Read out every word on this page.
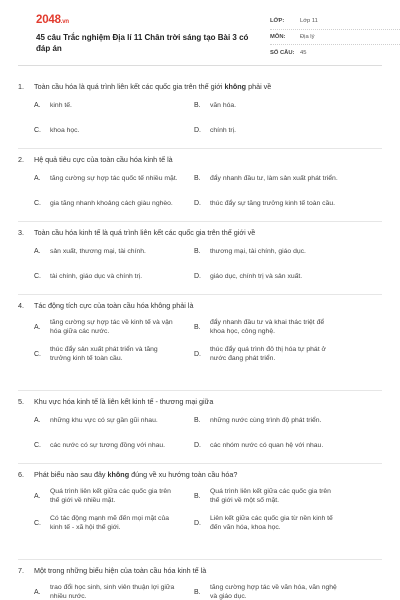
2048.vn
45 câu Trắc nghiệm Địa lí 11 Chân trời sáng tạo Bài 3 có đáp án
LỚP:	Lớp 11
MÔN:	Địa lý
SỐ CÂU: 45
1. Toàn cầu hóa là quá trình liên kết các quốc gia trên thế giới không phải về
A.	kinh tế.	B.	văn hóa.
C.	khoa học.	D.	chính trị.
2. Hệ quả tiêu cực của toàn cầu hóa kinh tế là
A.	tăng cường sự hợp tác quốc tế nhiều mặt. B.	đẩy nhanh đầu tư, làm sản xuất phát triển.
C.	gia tăng nhanh khoảng cách giàu nghèo.	D.	thúc đẩy sự tăng trưởng kinh tế toàn cầu.
3. Toàn cầu hóa kinh tế là quá trình liên kết các quốc gia trên thế giới về
A.	sản xuất, thương mại, tài chính.	B.	thương mại, tài chính, giáo dục.
C.	tài chính, giáo dục và chính trị.	D.	giáo dục, chính trị và sản xuất.
4. Tác động tích cực của toàn cầu hóa không phải là
A.
tăng cường sự hợp tác về kinh tế và vận
hóa giữa các nước.
B.
đẩy nhanh đầu tư và khai thác triệt để
khoa học, công nghệ.
C.
thúc đẩy sản xuất phát triển và tăng
trưởng kinh tế toàn cầu.
D.
thúc đẩy quá trình đô thị hóa tự phát ở
nước đang phát triển.
5. Khu vực hóa kinh tế là liên kết kinh tế - thương mại giữa
A.	những khu vực có sự gần gũi nhau.	B.	những nước cùng trình độ phát triển.
C.	các nước có sự tương đồng với nhau.	D.	các nhóm nước có quan hệ với nhau.
6. Phát biểu nào sau đây không đúng về xu hướng toàn cầu hóa?
A.
Quá trình liên kết giữa các quốc gia trên
thế giới về nhiều mặt.
B.
Quá trình liên kết giữa các quốc gia trên
thế giới về một số mặt.
C.
Có tác động mạnh mẽ đến mọi mặt của
kinh tế - xã hội thế giới.
D.
Liên kết giữa các quốc gia từ nền kinh tế
đến văn hóa, khoa học.
7. Một trong những biểu hiện của toàn cầu hóa kinh tế là
A.
trao đổi học sinh, sinh viên thuận lợi giữa
nhiều nước.
B.
tăng cường hợp tác về văn hóa, văn nghệ
và giáo dục.
